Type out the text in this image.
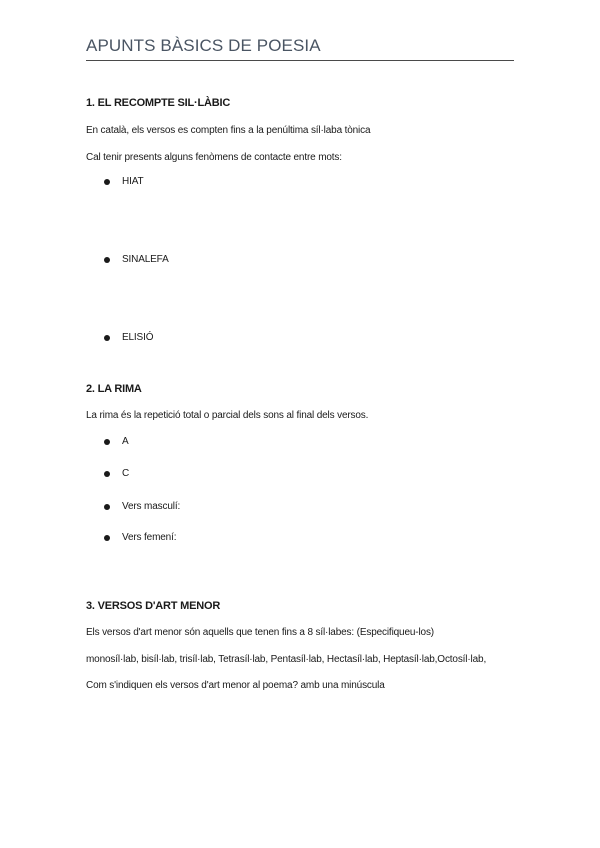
APUNTS BÀSICS DE POESIA
1. EL RECOMPTE SIL·LÀBIC
En català, els versos es compten fins a la penúltima síl·laba tònica
Cal tenir presents alguns fenòmens de contacte entre mots:
HIAT
SINALEFA
ELISIÓ
2. LA RIMA
La rima és la repetició total o parcial dels sons al final dels versos.
A
C
Vers masculí:
Vers femení:
3. VERSOS D'ART MENOR
Els versos d'art menor són aquells que tenen fins a 8 síl·labes: (Especifiqueu-los)
monosíl·lab, bisíl·lab, trisíl·lab, Tetrasíl·lab, Pentasíl·lab, Hectasíl·lab, Heptasíl·lab,Octosíl·lab,
Com s'indiquen els versos d'art menor al poema? amb una minúscula
